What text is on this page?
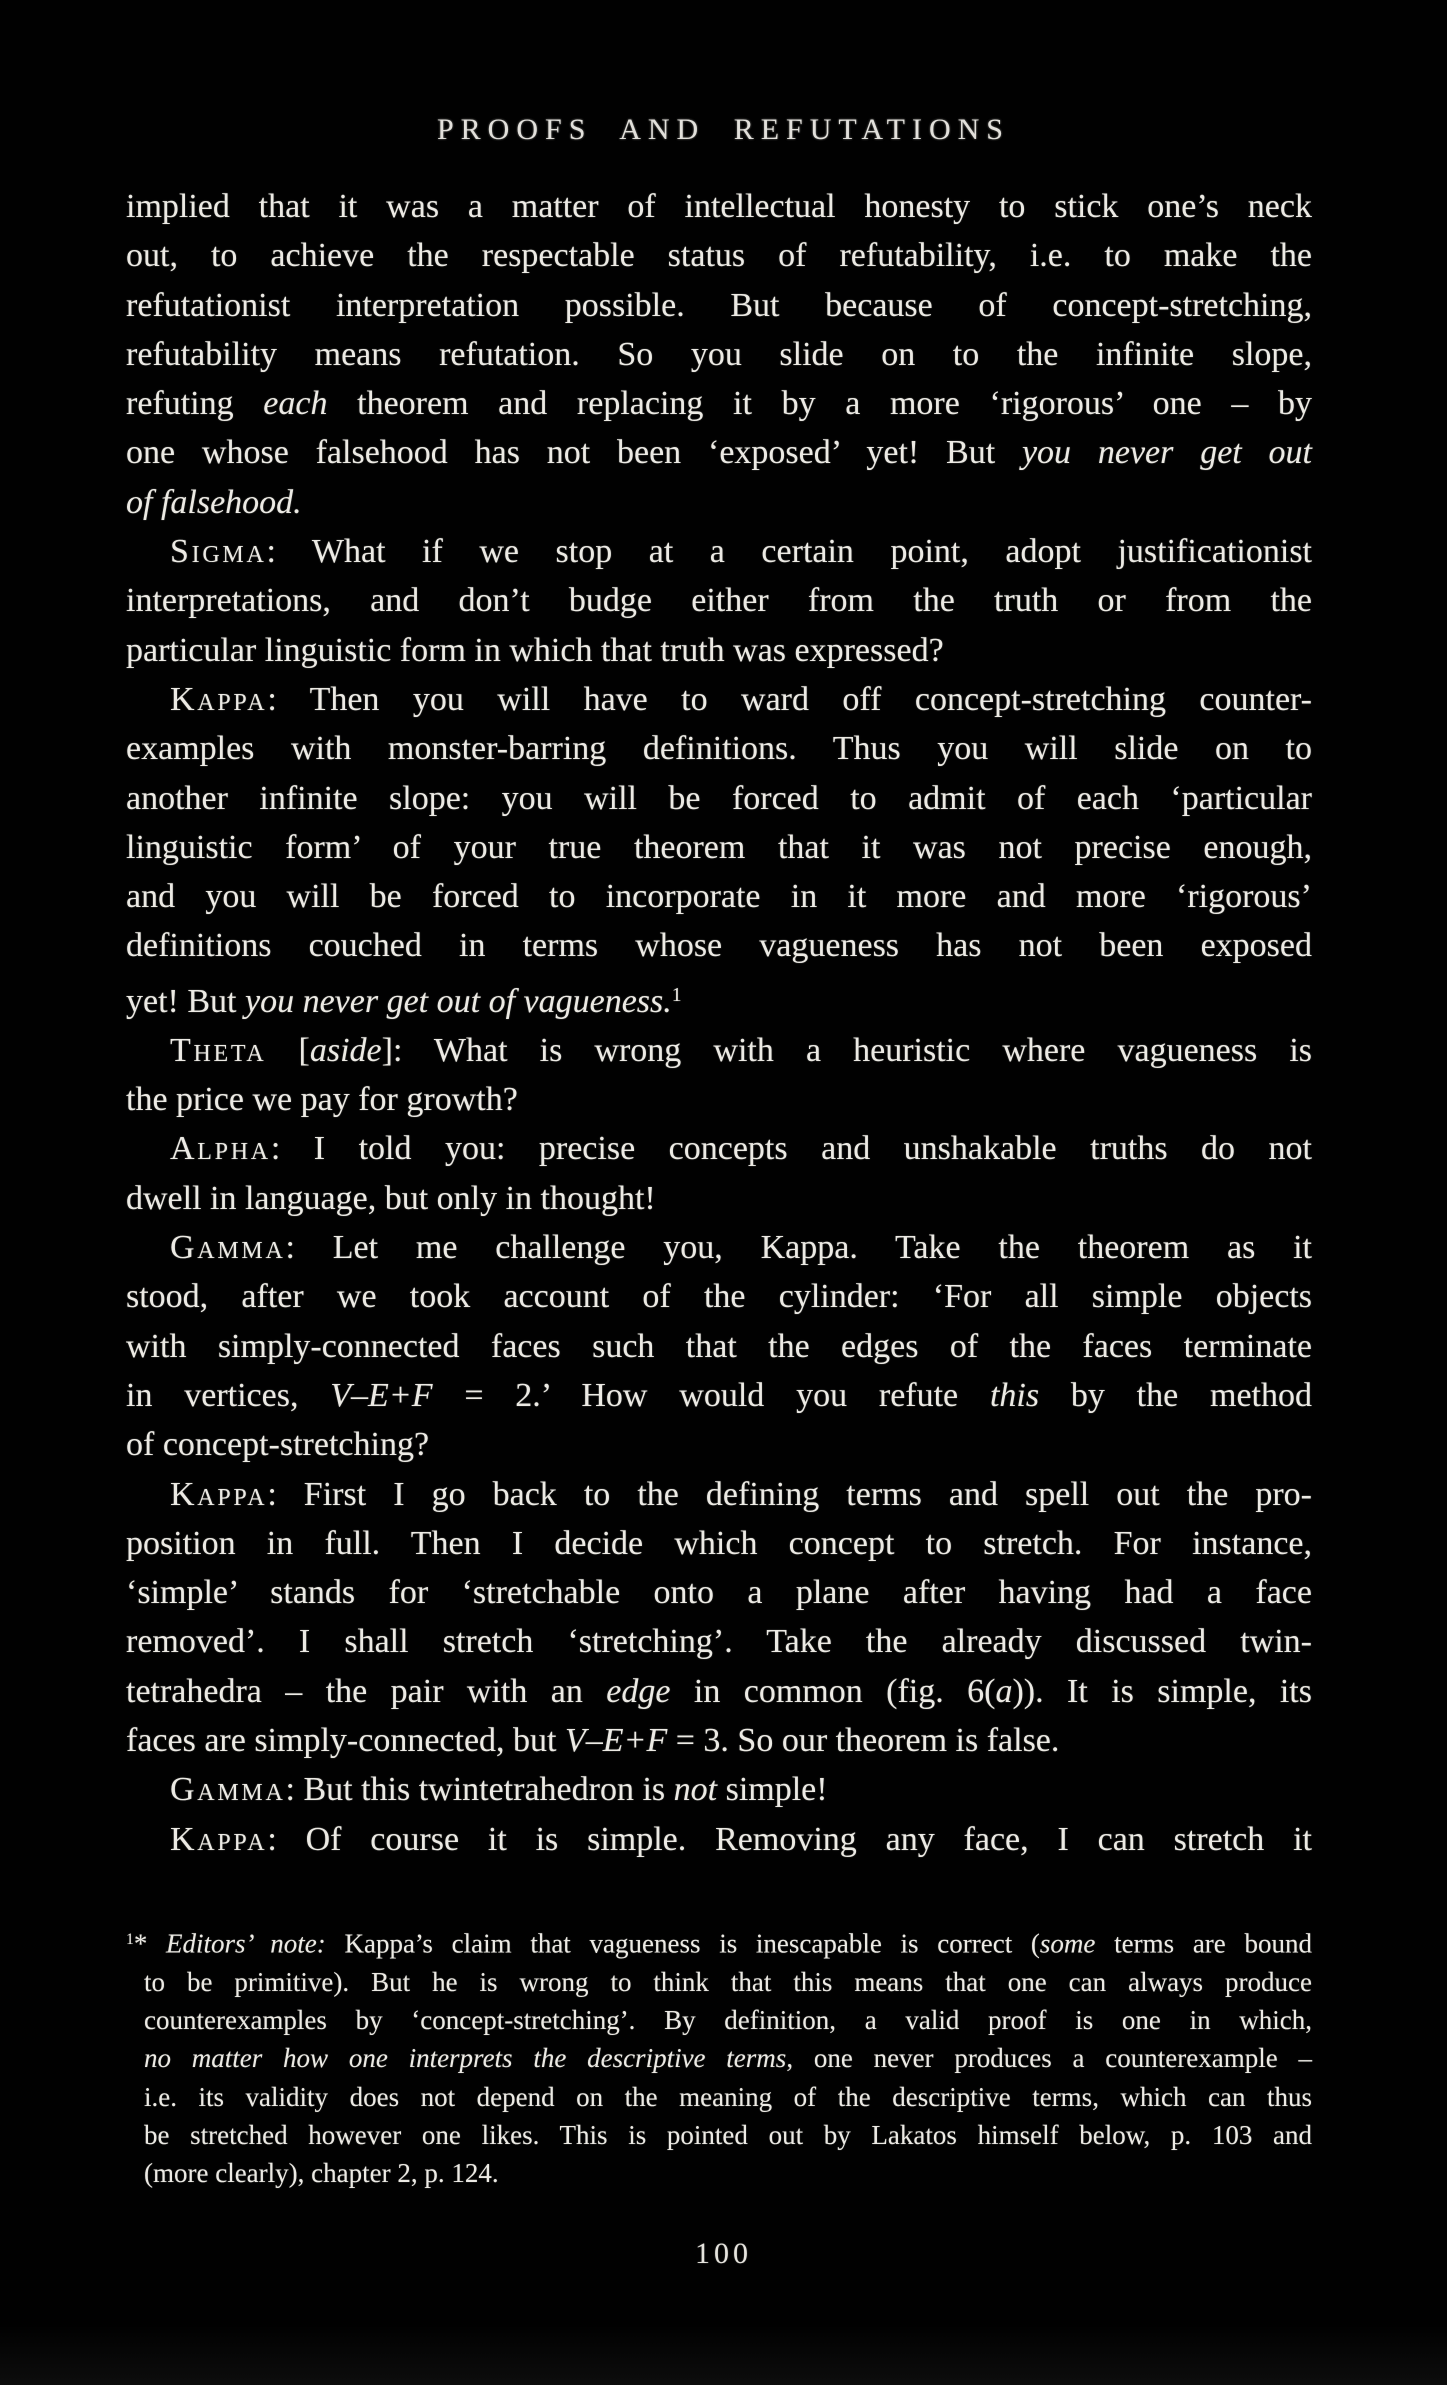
PROOFS AND REFUTATIONS
implied that it was a matter of intellectual honesty to stick one’s neck
out, to achieve the respectable status of refutability, i.e. to make the
refutationist interpretation possible. But because of concept-stretching,
refutability means refutation. So you slide on to the infinite slope,
refuting each theorem and replacing it by a more ‘rigorous’ one – by
one whose falsehood has not been ‘exposed’ yet! But you never get out
of falsehood.
Sigma: What if we stop at a certain point, adopt justificationist
interpretations, and don’t budge either from the truth or from the
particular linguistic form in which that truth was expressed?
Kappa: Then you will have to ward off concept-stretching counter-
examples with monster-barring definitions. Thus you will slide on to
another infinite slope: you will be forced to admit of each ‘particular
linguistic form’ of your true theorem that it was not precise enough,
and you will be forced to incorporate in it more and more ‘rigorous’
definitions couched in terms whose vagueness has not been exposed
yet! But you never get out of vagueness.$^1$
Theta [aside]: What is wrong with a heuristic where vagueness is
the price we pay for growth?
Alpha: I told you: precise concepts and unshakable truths do not
dwell in language, but only in thought!
Gamma: Let me challenge you, Kappa. Take the theorem as it
stood, after we took account of the cylinder: ‘For all simple objects
with simply-connected faces such that the edges of the faces terminate
in vertices, V–E+F = 2.’ How would you refute this by the method
of concept-stretching?
Kappa: First I go back to the defining terms and spell out the pro-
position in full. Then I decide which concept to stretch. For instance,
‘simple’ stands for ‘stretchable onto a plane after having had a face
removed’. I shall stretch ‘stretching’. Take the already discussed twin-
tetrahedra – the pair with an edge in common (fig. 6(a)). It is simple, its
faces are simply-connected, but V–E+F = 3. So our theorem is false.
Gamma: But this twintetrahedron is not simple!
Kappa: Of course it is simple. Removing any face, I can stretch it
$^1$* Editors’ note: Kappa’s claim that vagueness is inescapable is correct (some terms are bound
to be primitive). But he is wrong to think that this means that one can always produce
counterexamples by ‘concept-stretching’. By definition, a valid proof is one in which,
no matter how one interprets the descriptive terms, one never produces a counterexample –
i.e. its validity does not depend on the meaning of the descriptive terms, which can thus
be stretched however one likes. This is pointed out by Lakatos himself below, p. 103 and
(more clearly), chapter 2, p. 124.
100
